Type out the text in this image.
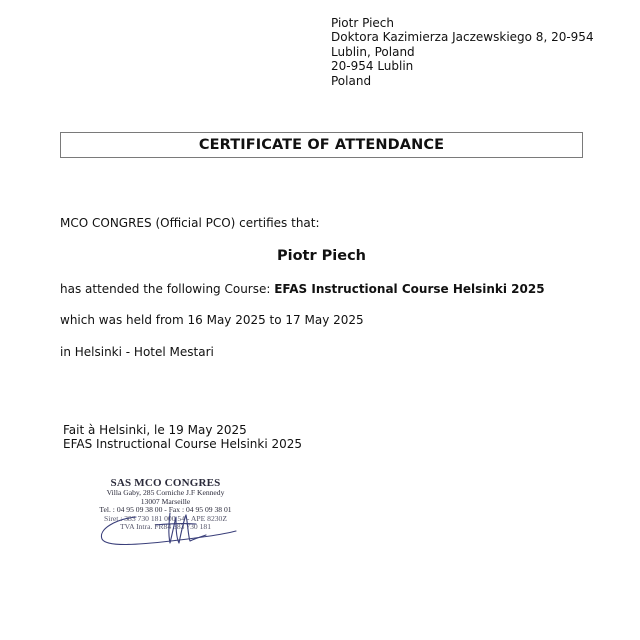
Piotr Piech
Doktora Kazimierza Jaczewskiego 8, 20-954
Lublin, Poland
20-954 Lublin
Poland
CERTIFICATE OF ATTENDANCE
MCO CONGRES (Official PCO) certifies that:
Piotr Piech
has attended the following Course: EFAS Instructional Course Helsinki 2025
which was held from 16 May 2025 to 17 May 2025
in Helsinki - Hotel Mestari
Fait à Helsinki, le 19 May 2025
EFAS Instructional Course Helsinki 2025
SAS MCO CONGRES
Villa Gaby, 285 Corniche J.F Kennedy
13007 Marseille
Tel. : 04 95 09 38 00 - Fax : 04 95 09 38 01
Siret : 383 730 181 000 54 - APE 8230Z
TVA Intra. FR84 383 730 181
